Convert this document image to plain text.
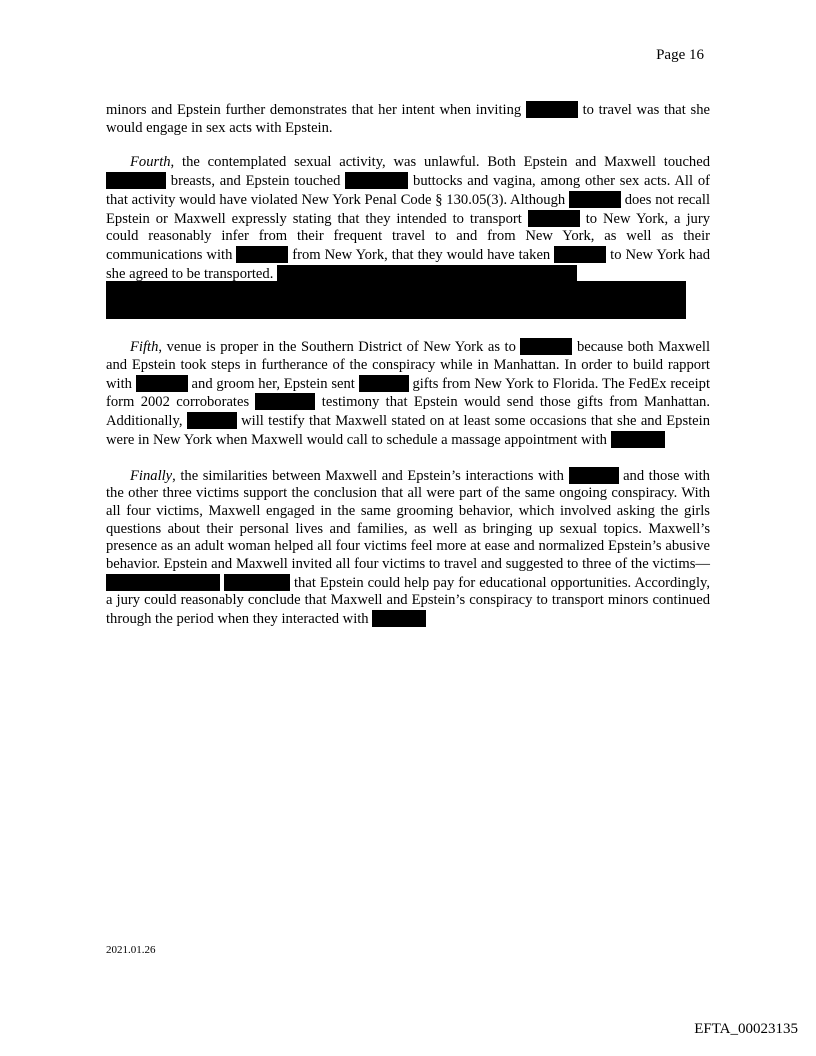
Page 16

minors and Epstein further demonstrates that her intent when inviting	to travel was that she would engage in sex acts with Epstein.

Fourth, the contemplated sexual activity, was unlawful. Both Epstein and Maxwell touched  breasts, and Epstein touched	buttocks and vagina, among other sex acts. All of that activity would have violated New York Penal Code § 130.05(3). Although	does not recall Epstein or Maxwell expressly stating that they intended to transport	to New York, a jury could reasonably infer from their frequent travel to and from New York, as well as their communications with	from New York, that they would have taken	to New York had she agreed to be transported.

Fifth, venue is proper in the Southern District of New York as to	because both Maxwell and Epstein took steps in furtherance of the conspiracy while in Manhattan. In order to build rapport with	and groom her, Epstein sent	gifts from New York to Florida. The FedEx receipt form 2002 corroborates	testimony that Epstein would send those gifts from Manhattan. Additionally,	will testify that Maxwell stated on at least some occasions that she and Epstein were in New York when Maxwell would call to schedule a massage appointment with

Finally, the similarities between Maxwell and Epstein’s interactions with	and those with the other three victims support the conclusion that all were part of the same ongoing conspiracy. With all four victims, Maxwell engaged in the same grooming behavior, which involved asking the girls questions about their personal lives and families, as well as bringing up sexual topics. Maxwell’s presence as an adult woman helped all four victims feel more at ease and normalized Epstein’s abusive behavior. Epstein and Maxwell invited all four victims to travel and suggested to three of the victims—  that Epstein could help pay for educational opportunities. Accordingly, a jury could reasonably conclude that Maxwell and Epstein’s conspiracy to transport minors continued through the period when they interacted with

2021.01.26
EFTA_00023135
